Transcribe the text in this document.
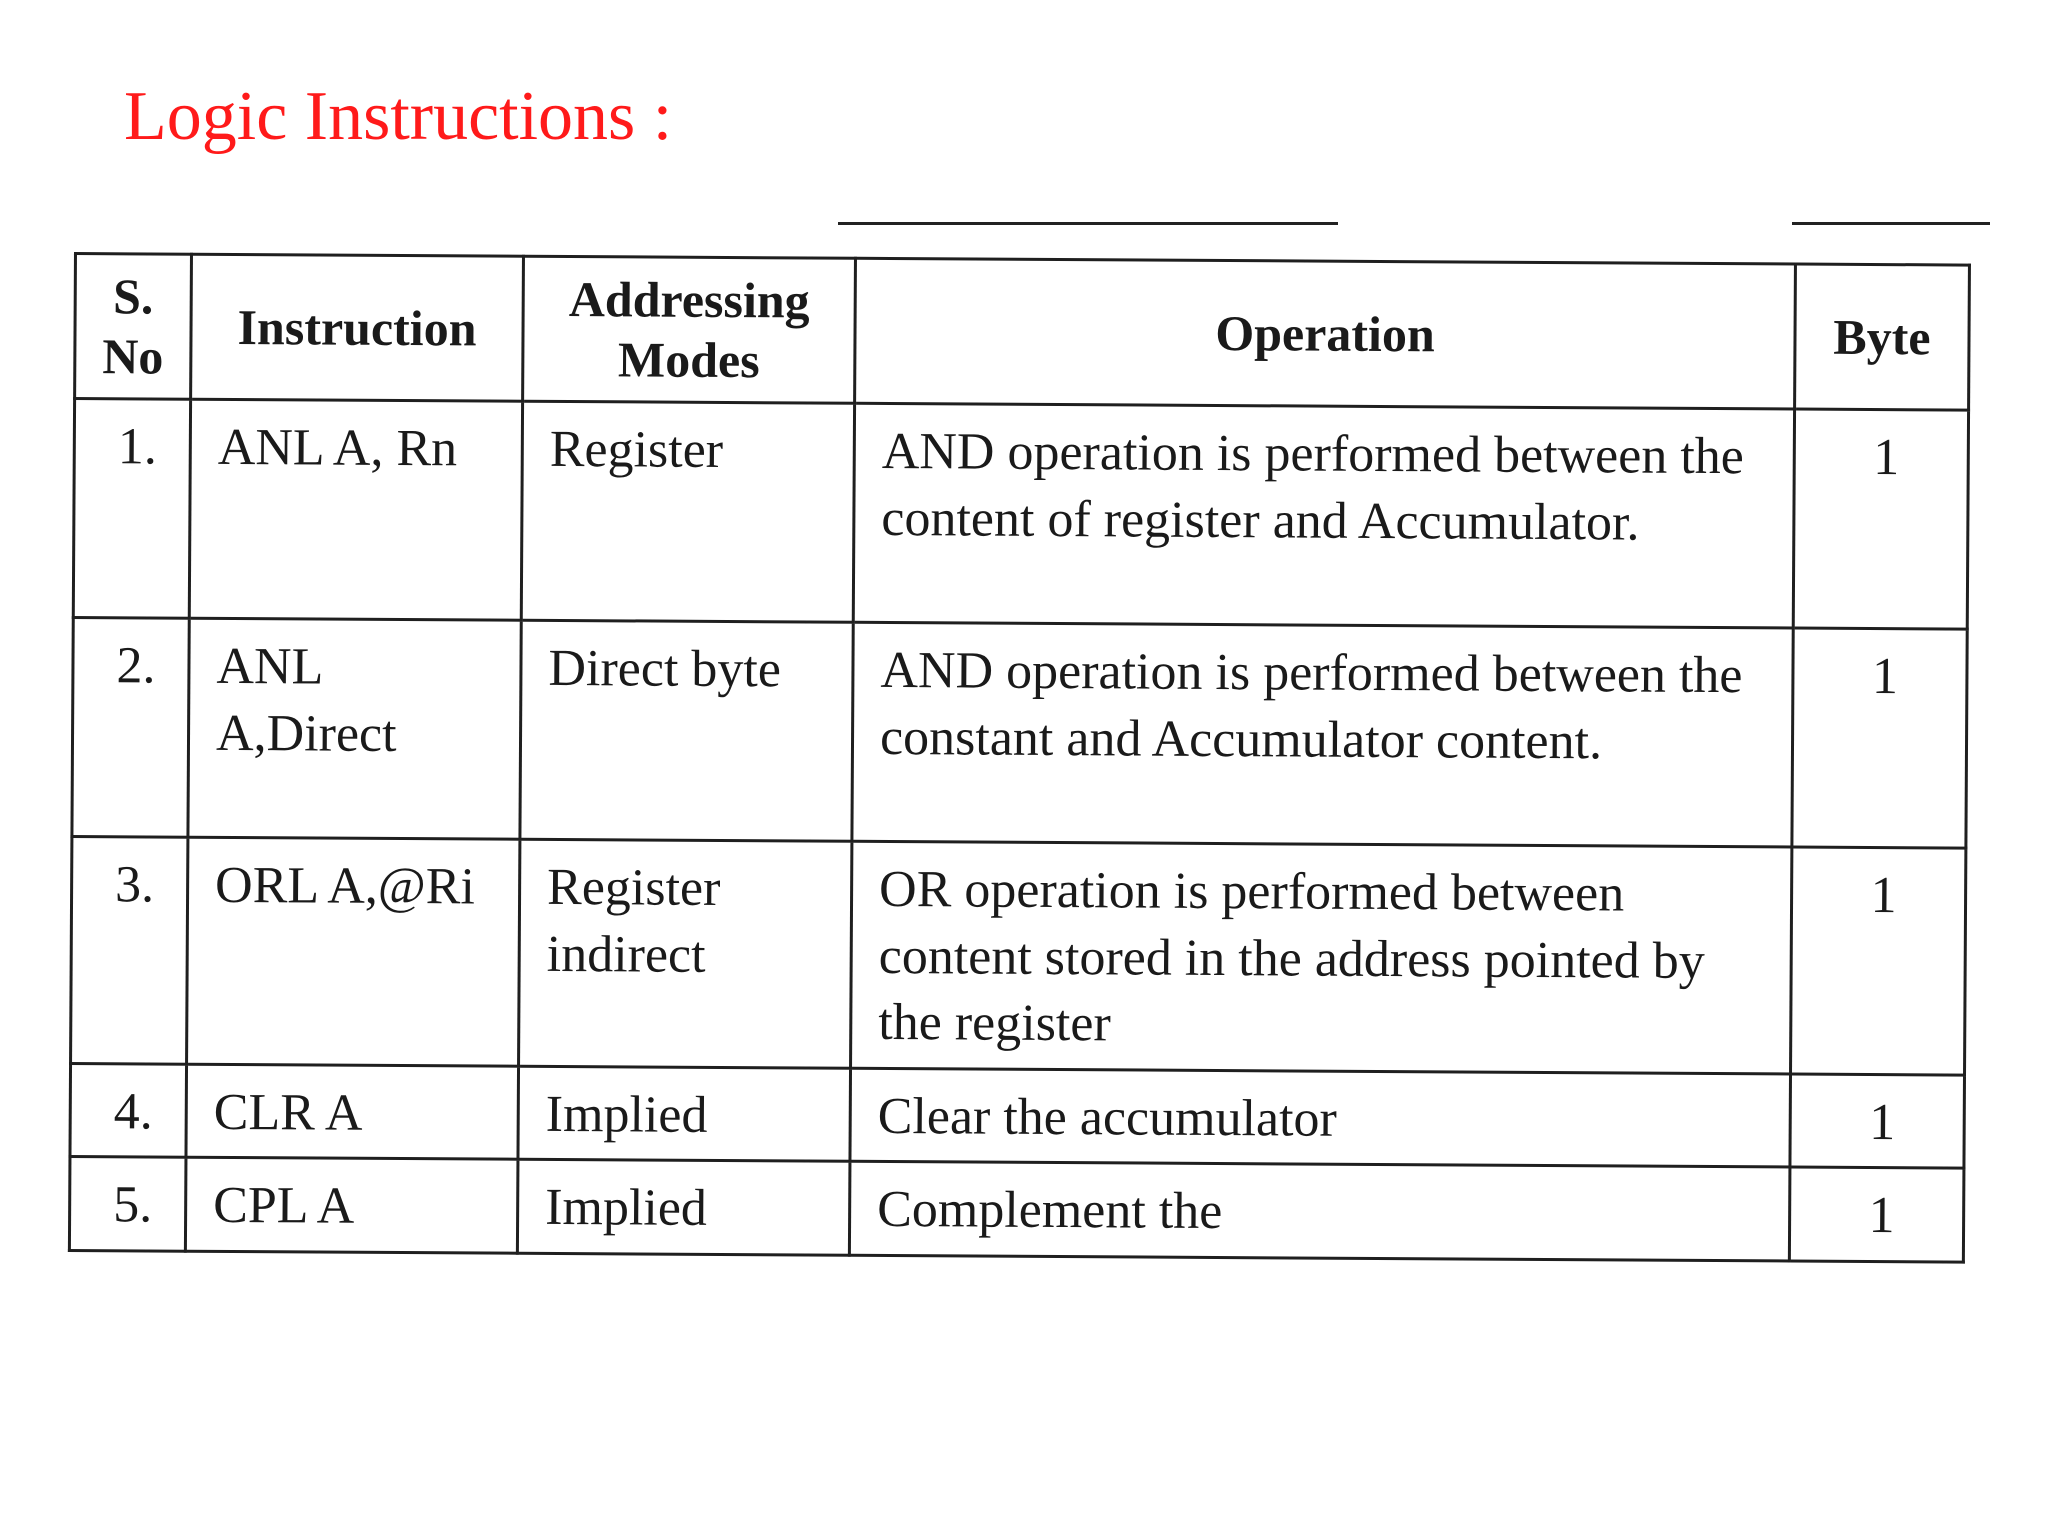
Logic Instructions :
S. No	Instruction	Addressing Modes	Operation	Byte
1.	ANL A, Rn	Register	AND operation is performed between the content of register and Accumulator.	1
2.	ANL A,Direct	Direct byte	AND operation is performed between the constant and Accumulator content.	1
3.	ORL A,@Ri	Register indirect	OR operation is performed between content stored in the address pointed by the register	1
4.	CLR A	Implied	Clear the accumulator	1
5.	CPL A	Implied	Complement the	1
